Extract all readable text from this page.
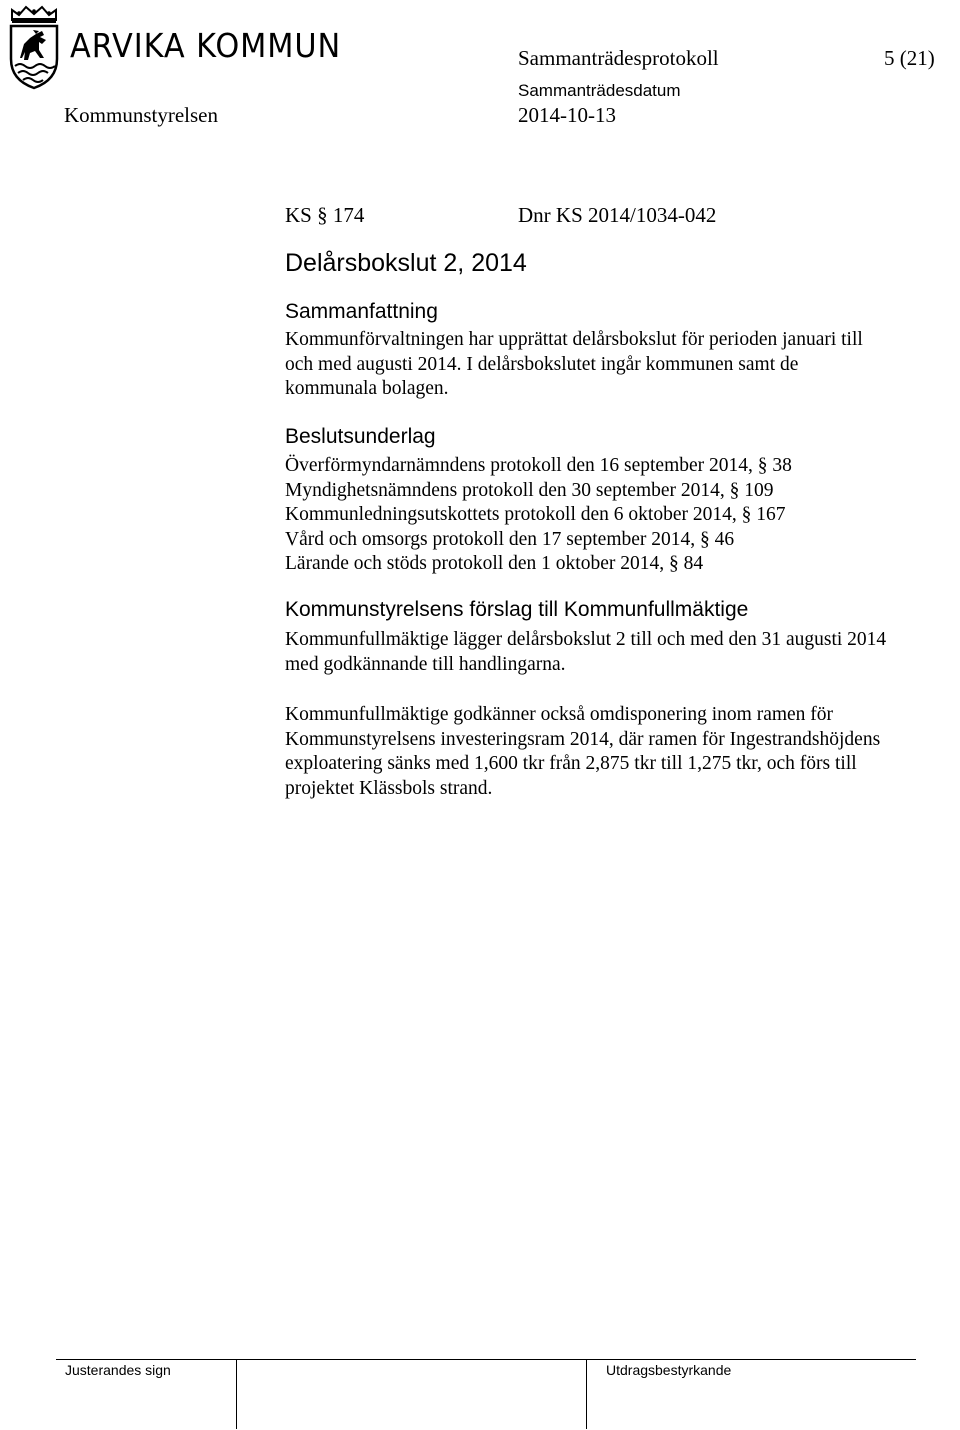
ARVIKA KOMMUN	Sammanträdesprotokoll	5 (21)
Sammanträdesdatum
Kommunstyrelsen	2014-10-13
KS § 174	Dnr KS 2014/1034-042
Delårsbokslut 2, 2014
Sammanfattning
Kommunförvaltningen har upprättat delårsbokslut för perioden januari till
och med augusti 2014. I delårsbokslutet ingår kommunen samt de
kommunala bolagen.
Beslutsunderlag
Överförmyndarnämndens protokoll den 16 september 2014, § 38
Myndighetsnämndens protokoll den 30 september 2014, § 109
Kommunledningsutskottets protokoll den 6 oktober 2014, § 167
Vård och omsorgs protokoll den 17 september 2014, § 46
Lärande och stöds protokoll den 1 oktober 2014, § 84
Kommunstyrelsens förslag till Kommunfullmäktige
Kommunfullmäktige lägger delårsbokslut 2 till och med den 31 augusti 2014
med godkännande till handlingarna.
Kommunfullmäktige godkänner också omdisponering inom ramen för
Kommunstyrelsens investeringsram 2014, där ramen för Ingestrandshöjdens
exploatering sänks med 1,600 tkr från 2,875 tkr till 1,275 tkr, och förs till
projektet Klässbols strand.
Justerandes sign	Utdragsbestyrkande
